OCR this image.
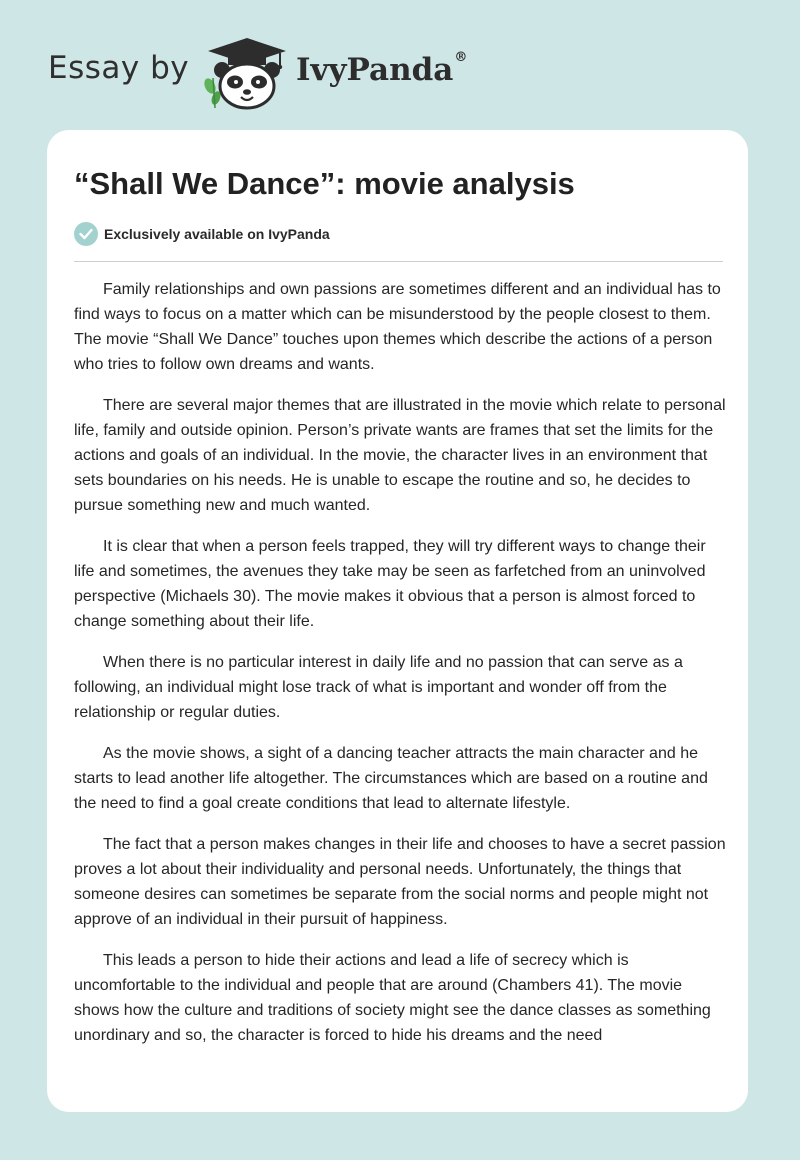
Essay by	IvyPanda®
“Shall We Dance”: movie analysis
Exclusively available on IvyPanda

Family relationships and own passions are sometimes different and an individual has to find ways to focus on a matter which can be misunderstood by the people closest to them. The movie “Shall We Dance” touches upon themes which describe the actions of a person who tries to follow own dreams and wants.

There are several major themes that are illustrated in the movie which relate to personal life, family and outside opinion. Person’s private wants are frames that set the limits for the actions and goals of an individual. In the movie, the character lives in an environment that sets boundaries on his needs. He is unable to escape the routine and so, he decides to pursue something new and much wanted.

It is clear that when a person feels trapped, they will try different ways to change their life and sometimes, the avenues they take may be seen as farfetched from an uninvolved perspective (Michaels 30). The movie makes it obvious that a person is almost forced to change something about their life.

When there is no particular interest in daily life and no passion that can serve as a following, an individual might lose track of what is important and wonder off from the relationship or regular duties.

As the movie shows, a sight of a dancing teacher attracts the main character and he starts to lead another life altogether. The circumstances which are based on a routine and the need to find a goal create conditions that lead to alternate lifestyle.

The fact that a person makes changes in their life and chooses to have a secret passion proves a lot about their individuality and personal needs. Unfortunately, the things that someone desires can sometimes be separate from the social norms and people might not approve of an individual in their pursuit of happiness.

This leads a person to hide their actions and lead a life of secrecy which is uncomfortable to the individual and people that are around (Chambers 41). The movie shows how the culture and traditions of society might see the dance classes as something unordinary and so, the character is forced to hide his dreams and the need
